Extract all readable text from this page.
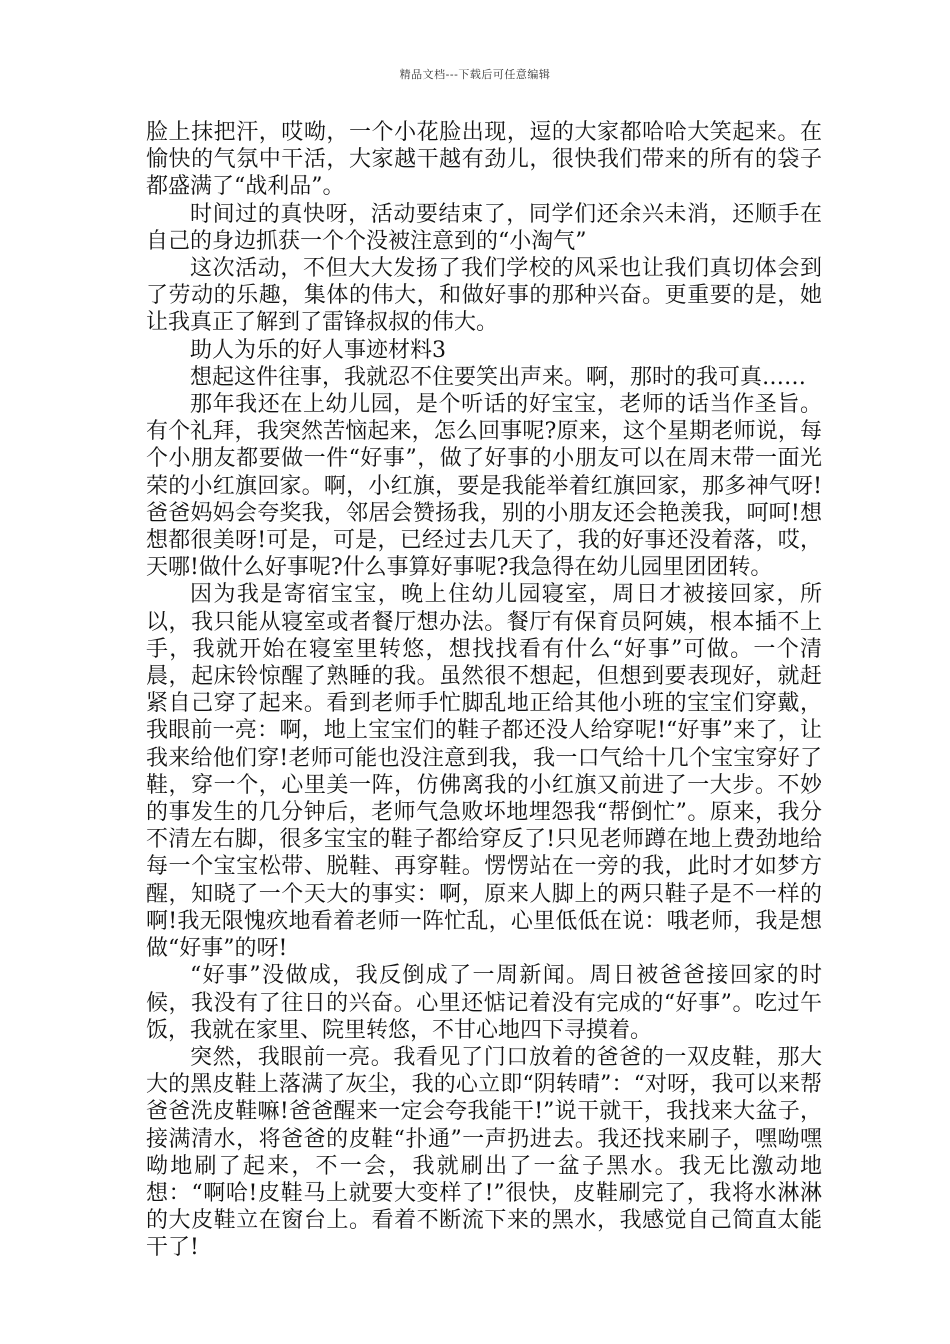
精品文档---下载后可任意编辑

脸上抹把汗，哎呦，一个小花脸出现，逗的大家都哈哈大笑起来。在愉快的气氛中干活，大家越干越有劲儿，很快我们带来的所有的袋子都盛满了“战利品”。

时间过的真快呀，活动要结束了，同学们还余兴未消，还顺手在自己的身边抓获一个个没被注意到的“小淘气”

这次活动，不但大大发扬了我们学校的风采也让我们真切体会到了劳动的乐趣，集体的伟大，和做好事的那种兴奋。更重要的是，她让我真正了解到了雷锋叔叔的伟大。

助人为乐的好人事迹材料3

想起这件往事，我就忍不住要笑出声来。啊，那时的我可真……

那年我还在上幼儿园，是个听话的好宝宝，老师的话当作圣旨。有个礼拜，我突然苦恼起来，怎么回事呢?原来，这个星期老师说，每个小朋友都要做一件“好事”，做了好事的小朋友可以在周末带一面光荣的小红旗回家。啊，小红旗，要是我能举着红旗回家，那多神气呀!爸爸妈妈会夸奖我，邻居会赞扬我，别的小朋友还会艳羡我，呵呵!想想都很美呀!可是，可是，已经过去几天了，我的好事还没着落，哎，天哪!做什么好事呢?什么事算好事呢?我急得在幼儿园里团团转。

因为我是寄宿宝宝，晚上住幼儿园寝室，周日才被接回家，所以，我只能从寝室或者餐厅想办法。餐厅有保育员阿姨，根本插不上手，我就开始在寝室里转悠，想找找看有什么“好事”可做。一个清晨，起床铃惊醒了熟睡的我。虽然很不想起，但想到要表现好，就赶紧自己穿了起来。看到老师手忙脚乱地正给其他小班的宝宝们穿戴，我眼前一亮：啊，地上宝宝们的鞋子都还没人给穿呢!“好事”来了，让我来给他们穿!老师可能也没注意到我，我一口气给十几个宝宝穿好了鞋，穿一个，心里美一阵，仿佛离我的小红旗又前进了一大步。不妙的事发生的几分钟后，老师气急败坏地埋怨我“帮倒忙”。原来，我分不清左右脚，很多宝宝的鞋子都给穿反了!只见老师蹲在地上费劲地给每一个宝宝松带、脱鞋、再穿鞋。愣愣站在一旁的我，此时才如梦方醒，知晓了一个天大的事实：啊，原来人脚上的两只鞋子是不一样的啊!我无限愧疚地看着老师一阵忙乱，心里低低在说：哦老师，我是想做“好事”的呀!

“好事”没做成，我反倒成了一周新闻。周日被爸爸接回家的时候，我没有了往日的兴奋。心里还惦记着没有完成的“好事”。吃过午饭，我就在家里、院里转悠，不甘心地四下寻摸着。

突然，我眼前一亮。我看见了门口放着的爸爸的一双皮鞋，那大大的黑皮鞋上落满了灰尘，我的心立即“阴转晴”：“对呀，我可以来帮爸爸洗皮鞋嘛!爸爸醒来一定会夸我能干!”说干就干，我找来大盆子，接满清水，将爸爸的皮鞋“扑通”一声扔进去。我还找来刷子，嘿呦嘿呦地刷了起来，不一会，我就刷出了一盆子黑水。我无比激动地想：“啊哈!皮鞋马上就要大变样了!”很快，皮鞋刷完了，我将水淋淋的大皮鞋立在窗台上。看着不断流下来的黑水，我感觉自己简直太能干了!
